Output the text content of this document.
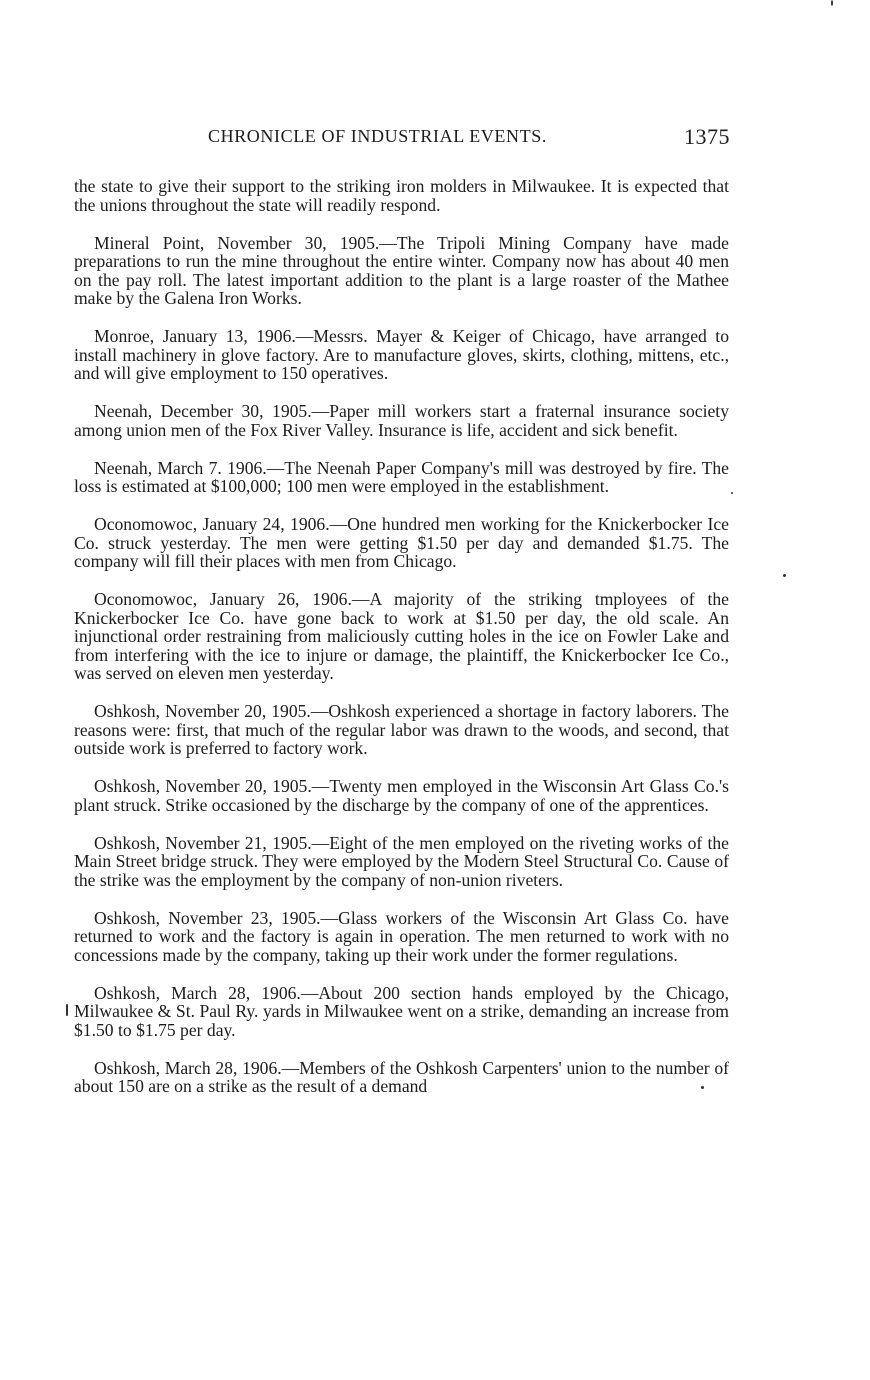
CHRONICLE OF INDUSTRIAL EVENTS.	1375

the state to give their support to the striking iron molders in Milwaukee. It is expected that the unions throughout the state will readily respond.

Mineral Point, November 30, 1905.—The Tripoli Mining Company have made preparations to run the mine throughout the entire winter. Company now has about 40 men on the pay roll. The latest important addition to the plant is a large roaster of the Mathee make by the Galena Iron Works.

Monroe, January 13, 1906.—Messrs. Mayer & Keiger of Chicago, have arranged to install machinery in glove factory. Are to manufacture gloves, skirts, clothing, mittens, etc., and will give employment to 150 operatives.

Neenah, December 30, 1905.—Paper mill workers start a fraternal insurance society among union men of the Fox River Valley. Insurance is life, accident and sick benefit.

Neenah, March 7. 1906.—The Neenah Paper Company's mill was destroyed by fire. The loss is estimated at $100,000; 100 men were employed in the establishment.

Oconomowoc, January 24, 1906.—One hundred men working for the Knickerbocker Ice Co. struck yesterday. The men were getting $1.50 per day and demanded $1.75. The company will fill their places with men from Chicago.

Oconomowoc, January 26, 1906.—A majority of the striking tmployees of the Knickerbocker Ice Co. have gone back to work at $1.50 per day, the old scale. An injunctional order restraining from maliciously cutting holes in the ice on Fowler Lake and from interfering with the ice to injure or damage, the plaintiff, the Knickerbocker Ice Co., was served on eleven men yesterday.

Oshkosh, November 20, 1905.—Oshkosh experienced a shortage in factory laborers. The reasons were: first, that much of the regular labor was drawn to the woods, and second, that outside work is preferred to factory work.

Oshkosh, November 20, 1905.—Twenty men employed in the Wisconsin Art Glass Co.'s plant struck. Strike occasioned by the discharge by the company of one of the apprentices.

Oshkosh, November 21, 1905.—Eight of the men employed on the riveting works of the Main Street bridge struck. They were employed by the Modern Steel Structural Co. Cause of the strike was the employment by the company of non-union riveters.

Oshkosh, November 23, 1905.—Glass workers of the Wisconsin Art Glass Co. have returned to work and the factory is again in operation. The men returned to work with no concessions made by the company, taking up their work under the former regulations.

Oshkosh, March 28, 1906.—About 200 section hands employed by the Chicago, Milwaukee & St. Paul Ry. yards in Milwaukee went on a strike, demanding an increase from $1.50 to $1.75 per day.

Oshkosh, March 28, 1906.—Members of the Oshkosh Carpenters' union to the number of about 150 are on a strike as the result of a demand
